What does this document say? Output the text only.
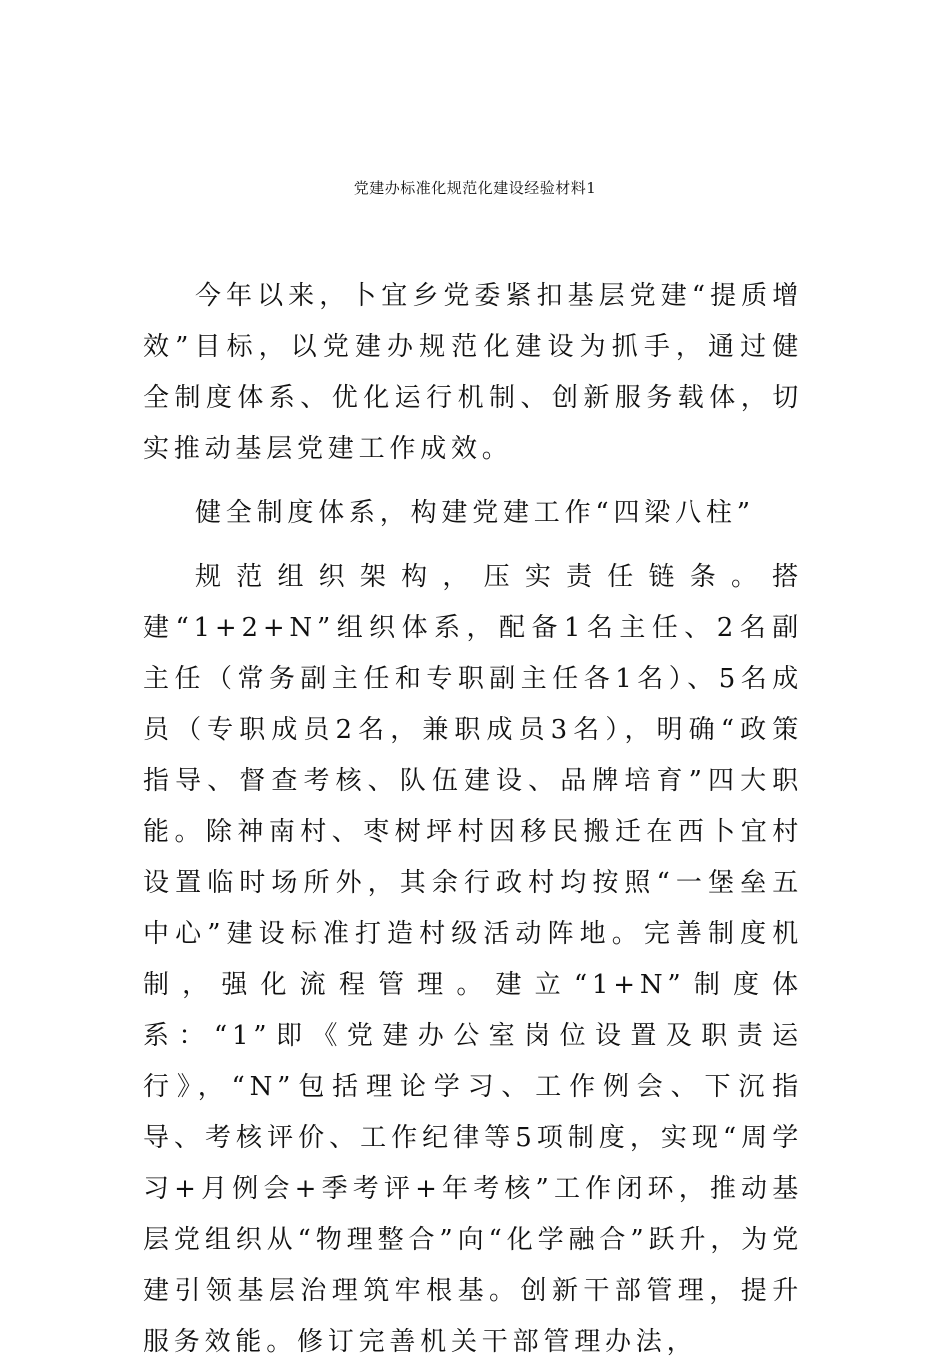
党建办标准化规范化建设经验材料1

今年以来，卜宜乡党委紧扣基层党建“提质增效”目标，以党建办规范化建设为抓手，通过健全制度体系、优化运行机制、创新服务载体，切实推动基层党建工作成效。

健全制度体系，构建党建工作“四梁八柱”

规范组织架构，压实责任链条。搭建“1+2+N”组织体系，配备1名主任、2名副主任（常务副主任和专职副主任各1名）、5名成员（专职成员2名，兼职成员3名），明确“政策指导、督查考核、队伍建设、品牌培育”四大职能。除神南村、枣树坪村因移民搬迁在西卜宜村设置临时场所外，其余行政村均按照“一堡垒五中心”建设标准打造村级活动阵地。完善制度机制，强化流程管理。建立“1+N”制度体系：“1”即《党建办公室岗位设置及职责运行》，“N”包括理论学习、工作例会、下沉指导、考核评价、工作纪律等5项制度，实现“周学习+月例会+季考评+年考核”工作闭环，推动基层党组织从“物理整合”向“化学融合”跃升，为党建引领基层治理筑牢根基。创新干部管理，提升服务效能。修订完善机关干部管理办法，
